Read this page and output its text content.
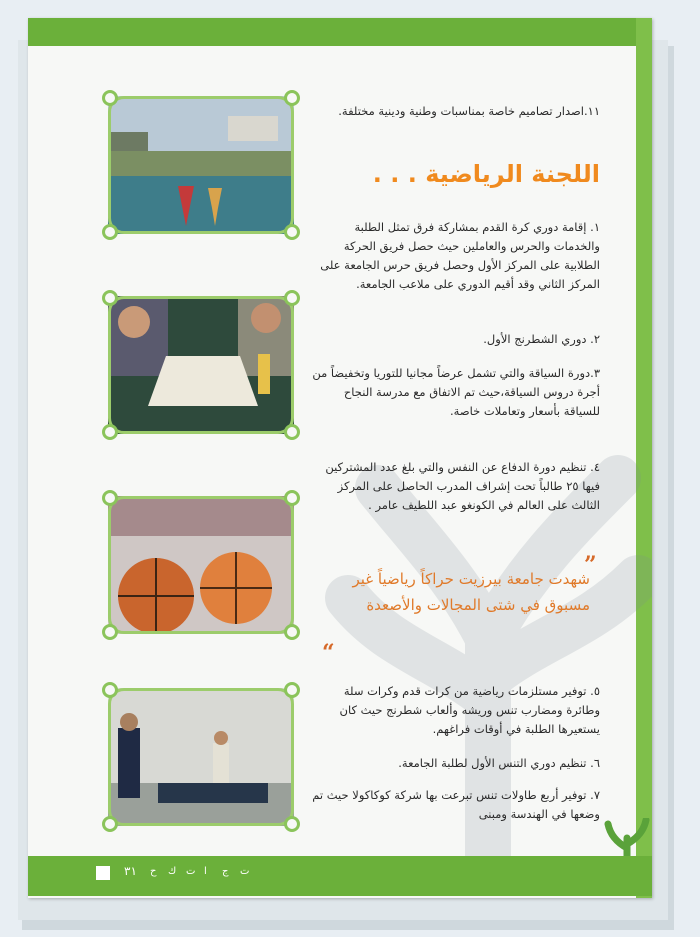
١١.اصدار تصاميم خاصة بمناسبات وطنية ودينية مختلفة.
اللجنة الرياضية . . .
١. إقامة دوري كرة القدم بمشاركة فرق تمثل الطلبة والخدمات والحرس والعاملين حيث حصل فريق الحركة الطلابية على المركز الأول وحصل فريق حرس الجامعة على المركز الثاني وقد أقيم الدوري على ملاعب الجامعة.
٢. دوري الشطرنج الأول.
٣.دورة السياقة والتي تشمل عرضاً مجانيا للتوريا وتخفيضاً من أجرة دروس السياقة،حيث تم الاتفاق مع مدرسة النجاح للسياقة بأسعار وتعاملات خاصة.
٤. تنظيم دورة الدفاع عن النفس والتي بلغ عدد المشتركين فيها ٢٥ طالباً تحت إشراف المدرب الحاصل على المركز الثالث على العالم في الكونغو عبد اللطيف عامر .
”
شهدت جامعة بيرزيت حراكاً رياضياً غير مسبوق في شتى المجالات والأصعدة
“
٥. توفير مستلزمات رياضية من كرات قدم وكرات سلة وطائرة ومضارب تنس وريشه وألعاب شطرنج حيث كان يستعيرها الطلبة في أوقات فراغهم.
٦. تنظيم دوري التنس الأول لطلبة الجامعة.
٧. توفير أربع طاولات تنس تبرعت بها شركة كوكاكولا حيث تم وضعها في الهندسة ومبنى
٣١ ح ك ت ا ج ت
